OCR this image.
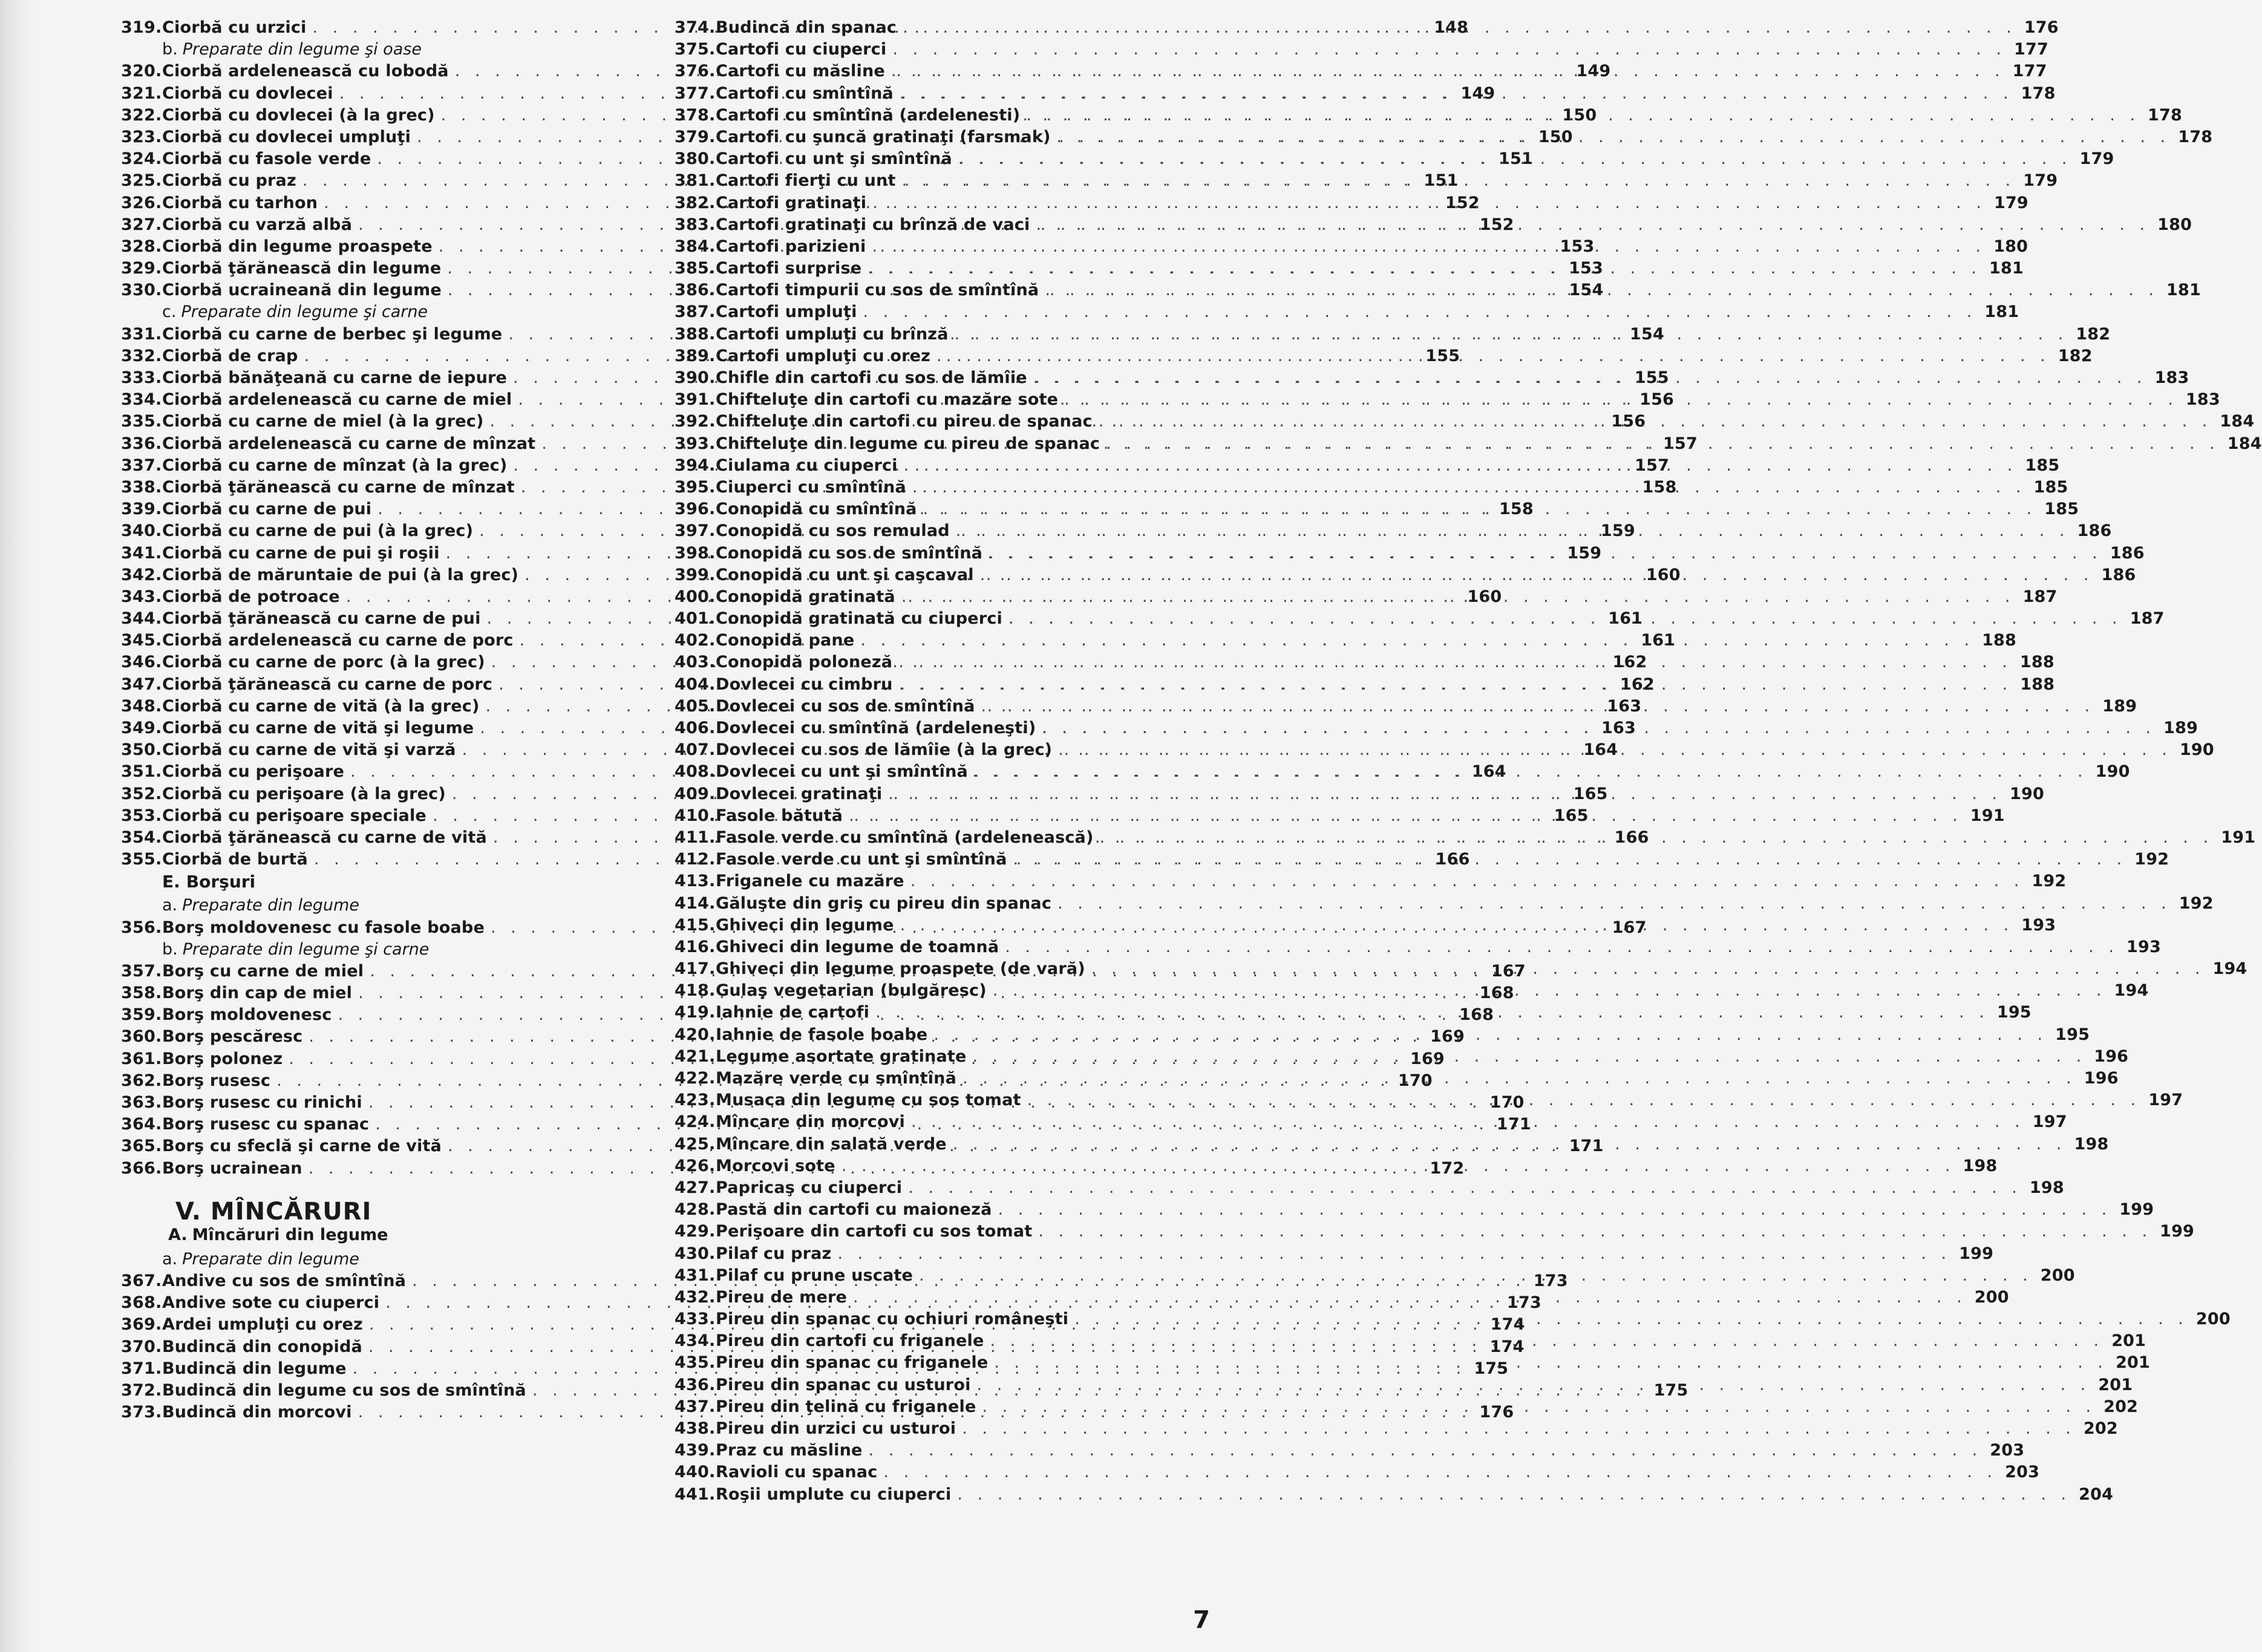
319. Ciorbă cu urzici . . .	148
b. Preparate din legume şi oase
320. Ciorbă ardelenească cu lobodă . . .	149
321. Ciorbă cu dovlecei . . .	149
322. Ciorbă cu dovlecei (à la grec) . . .	150
323. Ciorbă cu dovlecei umpluţi . . .	150
324. Ciorbă cu fasole verde . . .	151
325. Ciorbă cu praz . . .	151
326. Ciorbă cu tarhon . . .	152
327. Ciorbă cu varză albă . . .	152
328. Ciorbă din legume proaspete . . .	153
329. Ciorbă ţărănească din legume . . .	153
330. Ciorbă ucraineană din legume . . .	154
c. Preparate din legume şi carne
331. Ciorbă cu carne de berbec şi legume . . .	154
332. Ciorbă de crap . . .	155
333. Ciorbă bănăţeană cu carne de iepure . . .	155
334. Ciorbă ardelenească cu carne de miel . . .	156
335. Ciorbă cu carne de miel (à la grec) . . .	156
336. Ciorbă ardelenească cu carne de mînzat . . .	157
337. Ciorbă cu carne de mînzat (à la grec) . . .	157
338. Ciorbă ţărănească cu carne de mînzat . . .	158
339. Ciorbă cu carne de pui . . .	158
340. Ciorbă cu carne de pui (à la grec) . . .	159
341. Ciorbă cu carne de pui şi roşii . . .	159
342. Ciorbă de măruntaie de pui (à la grec) . . .	160
343. Ciorbă de potroace . . .	160
344. Ciorbă ţărănească cu carne de pui . . .	161
345. Ciorbă ardelenească cu carne de porc . . .	161
346. Ciorbă cu carne de porc (à la grec) . . .	162
347. Ciorbă ţărănească cu carne de porc . . .	162
348. Ciorbă cu carne de vită (à la grec) . . .	163
349. Ciorbă cu carne de vită şi legume . . .	163
350. Ciorbă cu carne de vită şi varză . . .	164
351. Ciorbă cu perişoare . . .	164
352. Ciorbă cu perişoare (à la grec) . . .	165
353. Ciorbă cu perişoare speciale . . .	165
354. Ciorbă ţărănească cu carne de vită . . .	166
355. Ciorbă de burtă . . .	166
E. Borşuri
a. Preparate din legume
356. Borş moldovenesc cu fasole boabe . . .	167
b. Preparate din legume şi carne
357. Borş cu carne de miel . . .	167
358. Borş din cap de miel . . .	168
359. Borş moldovenesc . . .	168
360. Borş pescăresc . . .	169
361. Borş polonez . . .	169
362. Borş rusesc . . .	170
363. Borş rusesc cu rinichi . . .	170
364. Borş rusesc cu spanac . . .	171
365. Borş cu sfeclă şi carne de vită . . .	171
366. Borş ucrainean . . .	172
V. MÎNCĂRURI
A. Mîncăruri din legume
a. Preparate din legume
367. Andive cu sos de smîntînă . . .	173
368. Andive sote cu ciuperci . . .	173
369. Ardei umpluţi cu orez . . .	174
370. Budincă din conopidă . . .	174
371. Budincă din legume . . .	175
372. Budincă din legume cu sos de smîntînă . . .	175
373. Budincă din morcovi . . .	176
374. Budincă din spanac . . .	176
375. Cartofi cu ciuperci . . .	177
376. Cartofi cu măsline . . .	177
377. Cartofi cu smîntînă . . .	178
378. Cartofi cu smîntînă (ardelenesti) . . .	178
379. Cartofi cu şuncă gratinaţi (farsmak) . . .	178
380. Cartofi cu unt şi smîntînă . . .	179
381. Cartofi fierţi cu unt . . .	179
382. Cartofi gratinaţi . . .	179
383. Cartofi gratinaţi cu brînză de vaci . . .	180
384. Cartofi parizieni . . .	180
385. Cartofi surprise . . .	181
386. Cartofi timpurii cu sos de smîntînă . . .	181
387. Cartofi umpluţi . . .	181
388. Cartofi umpluţi cu brînză . . .	182
389. Cartofi umpluţi cu orez . . .	182
390. Chifle din cartofi cu sos de lămîie . . .	183
391. Chifteluţe din cartofi cu mazăre sote . . .	183
392. Chifteluţe din cartofi cu pireu de spanac . . .	184
393. Chifteluţe din legume cu pireu de spanac . . .	184
394. Ciulama cu ciuperci . . .	185
395. Ciuperci cu smîntînă . . .	185
396. Conopidă cu smîntînă . . .	185
397. Conopidă cu sos remulad . . .	186
398. Conopidă cu sos de smîntînă . . .	186
399. Conopidă cu unt şi caşcaval . . .	186
400. Conopidă gratinată . . .	187
401. Conopidă gratinată cu ciuperci . . .	187
402. Conopidă pane . . .	188
403. Conopidă poloneză . . .	188
404. Dovlecei cu cimbru . . .	188
405. Dovlecei cu sos de smîntînă . . .	189
406. Dovlecei cu smîntînă (ardeleneşti) . . .	189
407. Dovlecei cu sos de lămîie (à la grec) . . .	190
408. Dovlecei cu unt şi smîntînă . . .	190
409. Dovlecei gratinaţi . . .	190
410. Fasole bătută . . .	191
411. Fasole verde cu smîntînă (ardelenească) . . .	191
412. Fasole verde cu unt şi smîntînă . . .	192
413. Friganele cu mazăre . . .	192
414. Găluşte din griş cu pireu din spanac . . .	192
415. Ghiveci din legume . . .	193
416. Ghiveci din legume de toamnă . . .	193
417. Ghiveci din legume proaspete (de vară) . . .	194
418. Gulaş vegetarian (bulgăresc) . . .	194
419. Iahnie de cartofi . . .	195
420. Iahnie de fasole boabe . . .	195
421. Legume asortate gratinate . . .	196
422. Mazăre verde cu smîntînă . . .	196
423. Musaca din legume cu sos tomat . . .	197
424. Mîncare din morcovi . . .	197
425. Mîncare din salată verde . . .	198
426. Morcovi sote . . .	198
427. Papricaş cu ciuperci . . .	198
428. Pastă din cartofi cu maioneză . . .	199
429. Perişoare din cartofi cu sos tomat . . .	199
430. Pilaf cu praz . . .	199
431. Pilaf cu prune uscate . . .	200
432. Pireu de mere . . .	200
433. Pireu din spanac cu ochiuri româneşti . . .	200
434. Pireu din cartofi cu friganele . . .	201
435. Pireu din spanac cu friganele . . .	201
436. Pireu din spanac cu usturoi . . .	201
437. Pireu din ţelină cu friganele . . .	202
438. Pireu din urzici cu usturoi . . .	202
439. Praz cu măsline . . .	203
440. Ravioli cu spanac . . .	203
441. Roşii umplute cu ciuperci . . .	204
7
